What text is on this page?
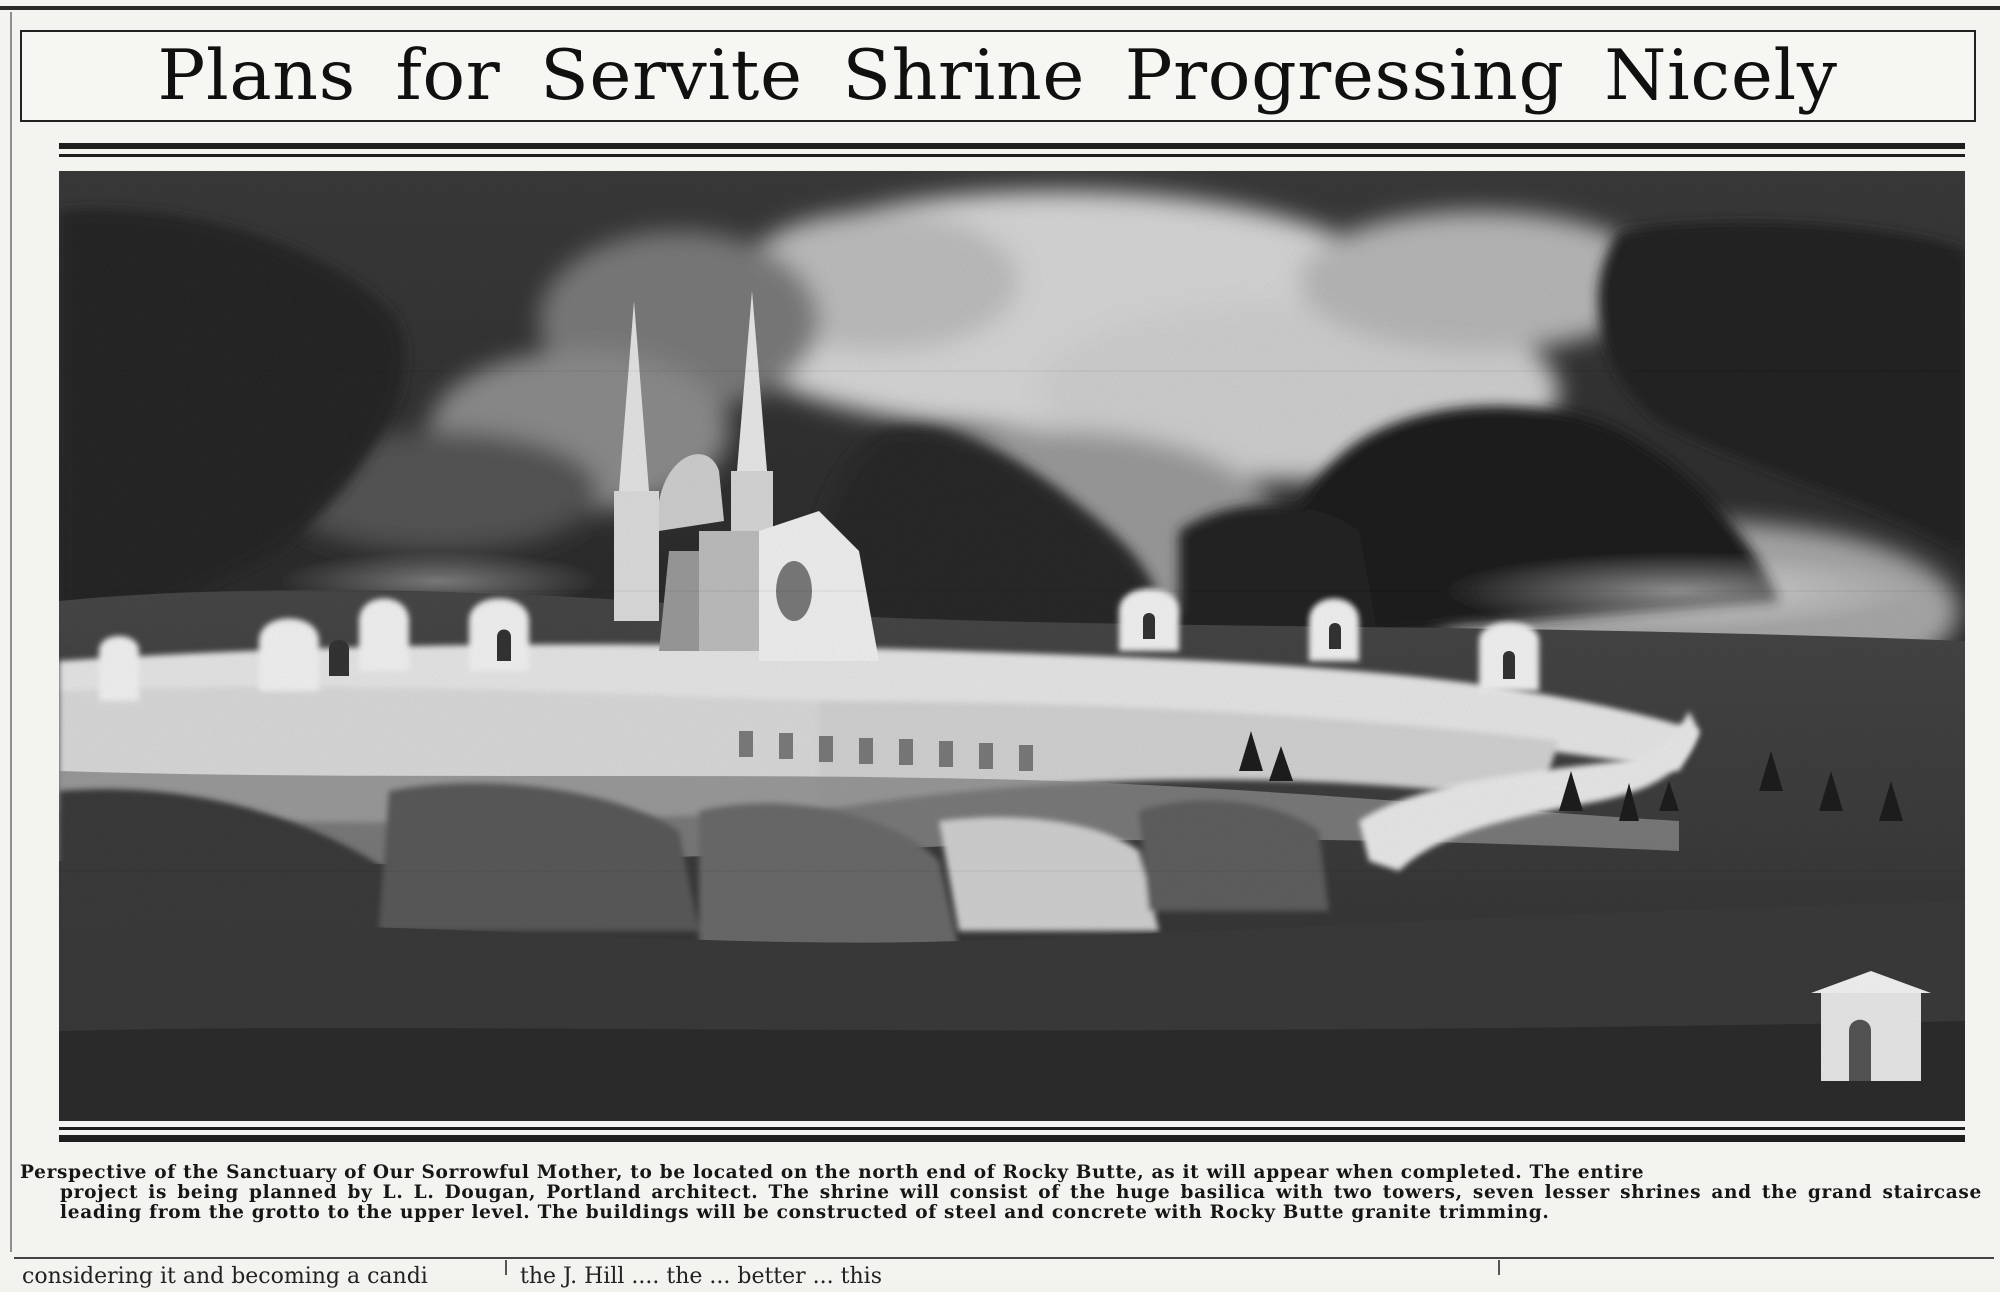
Plans for Servite Shrine Progressing Nicely

Perspective of the Sanctuary of Our Sorrowful Mother, to be located on the north end of Rocky Butte, as it will appear when completed. The entire
project is being planned by L. L. Dougan, Portland architect. The shrine will consist of the huge basilica with two towers, seven lesser shrines and the grand staircase leading from the grotto to the upper level. The buildings will be constructed of steel and concrete with Rocky Butte granite trimming.

considering it and becoming a candi	the J. Hill .... the ... better ... this
